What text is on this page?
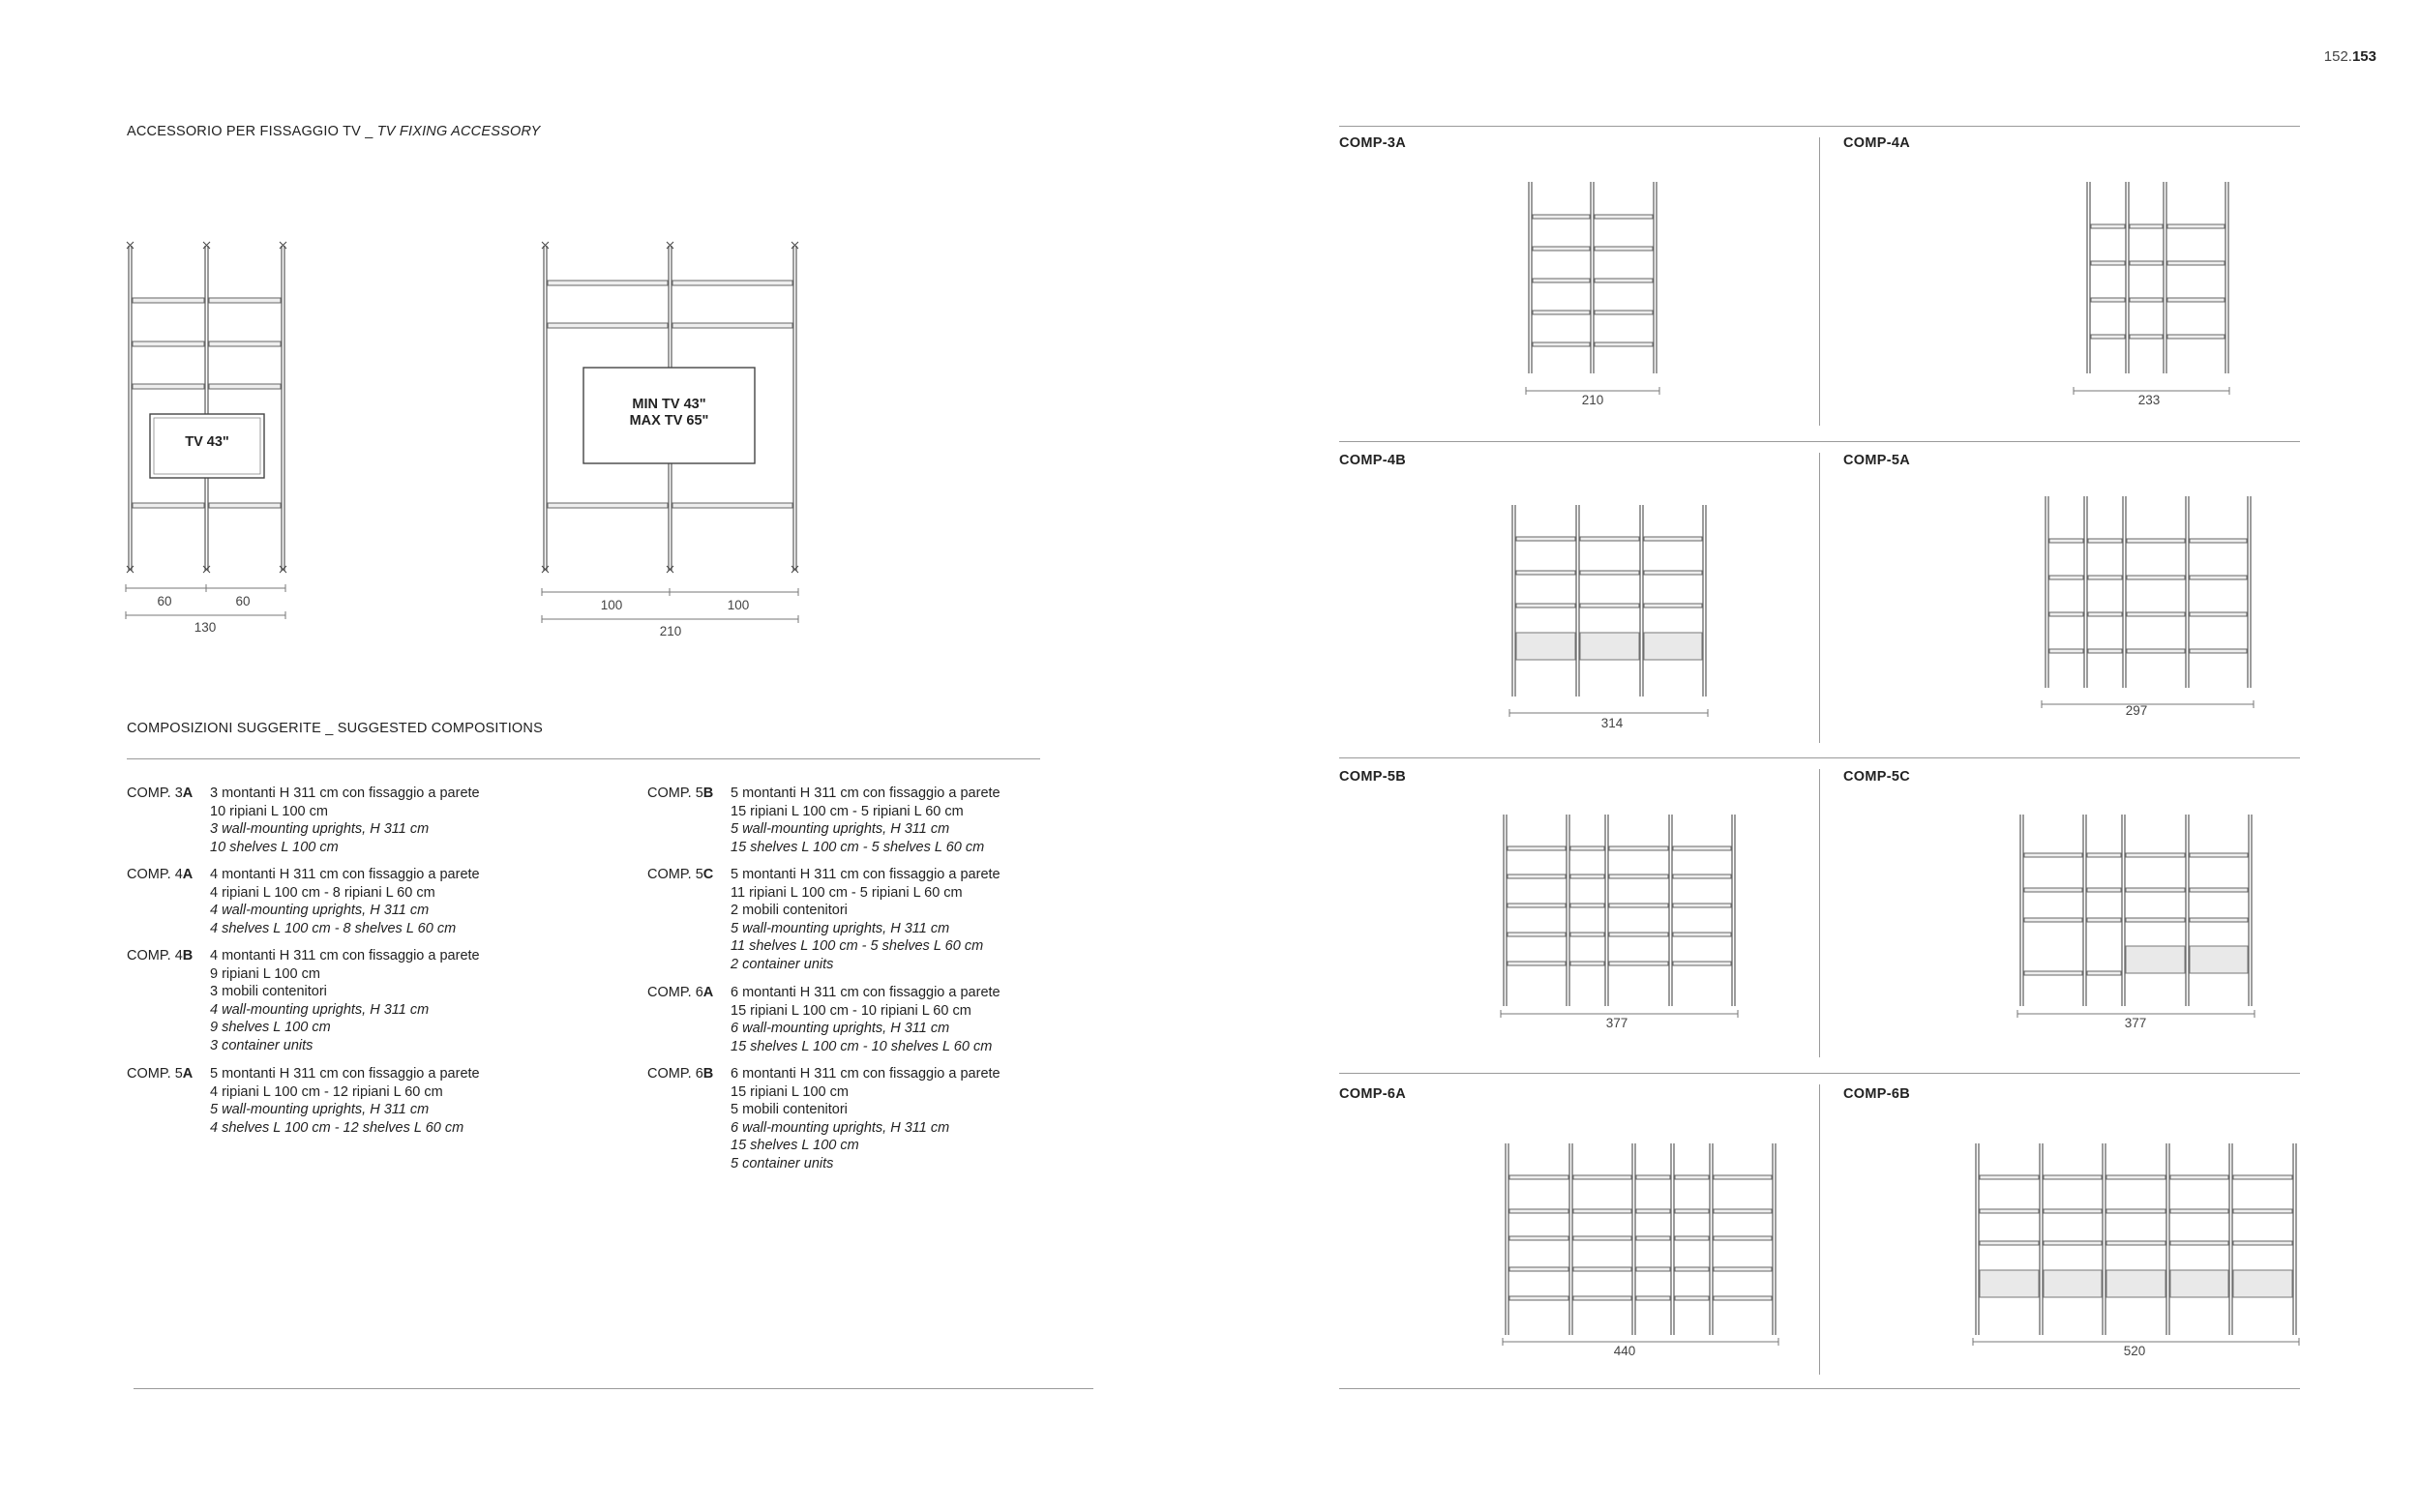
152.153
ACCESSORIO PER FISSAGGIO TV _ TV FIXING ACCESSORY
TV 43"
60	60
130
MIN TV 43"
MAX TV 65"
100	100
210
COMPOSIZIONI SUGGERITE _ SUGGESTED COMPOSITIONS
COMP. 3A	3 montanti H 311 cm con fissaggio a parete
10 ripiani L 100 cm
3 wall-mounting uprights, H 311 cm
10 shelves L 100 cm
COMP. 4A	4 montanti H 311 cm con fissaggio a parete
4 ripiani L 100 cm - 8 ripiani L 60 cm
4 wall-mounting uprights, H 311 cm
4 shelves L 100 cm - 8 shelves L 60 cm
COMP. 4B	4 montanti H 311 cm con fissaggio a parete
9 ripiani L 100 cm
3 mobili contenitori
4 wall-mounting uprights, H 311 cm
9 shelves L 100 cm
3 container units
COMP. 5A	5 montanti H 311 cm con fissaggio a parete
4 ripiani L 100 cm - 12 ripiani L 60 cm
5 wall-mounting uprights, H 311 cm
4 shelves L 100 cm - 12 shelves L 60 cm
COMP. 5B	5 montanti H 311 cm con fissaggio a parete
15 ripiani L 100 cm - 5 ripiani L 60 cm
5 wall-mounting uprights, H 311 cm
15 shelves L 100 cm - 5 shelves L 60 cm
COMP. 5C	5 montanti H 311 cm con fissaggio a parete
11 ripiani L 100 cm - 5 ripiani L 60 cm
2 mobili contenitori
5 wall-mounting uprights, H 311 cm
11 shelves L 100 cm - 5 shelves L 60 cm
2 container units
COMP. 6A	6 montanti H 311 cm con fissaggio a parete
15 ripiani L 100 cm - 10 ripiani L 60 cm
6 wall-mounting uprights, H 311 cm
15 shelves L 100 cm - 10 shelves L 60 cm
COMP. 6B	6 montanti H 311 cm con fissaggio a parete
15 ripiani L 100 cm
5 mobili contenitori
6 wall-mounting uprights, H 311 cm
15 shelves L 100 cm
5 container units
COMP-3A	COMP-4A
COMP-4B	COMP-5A
COMP-5B	COMP-5C
COMP-6A	COMP-6B
210	233
314
297
377	377
440	520
